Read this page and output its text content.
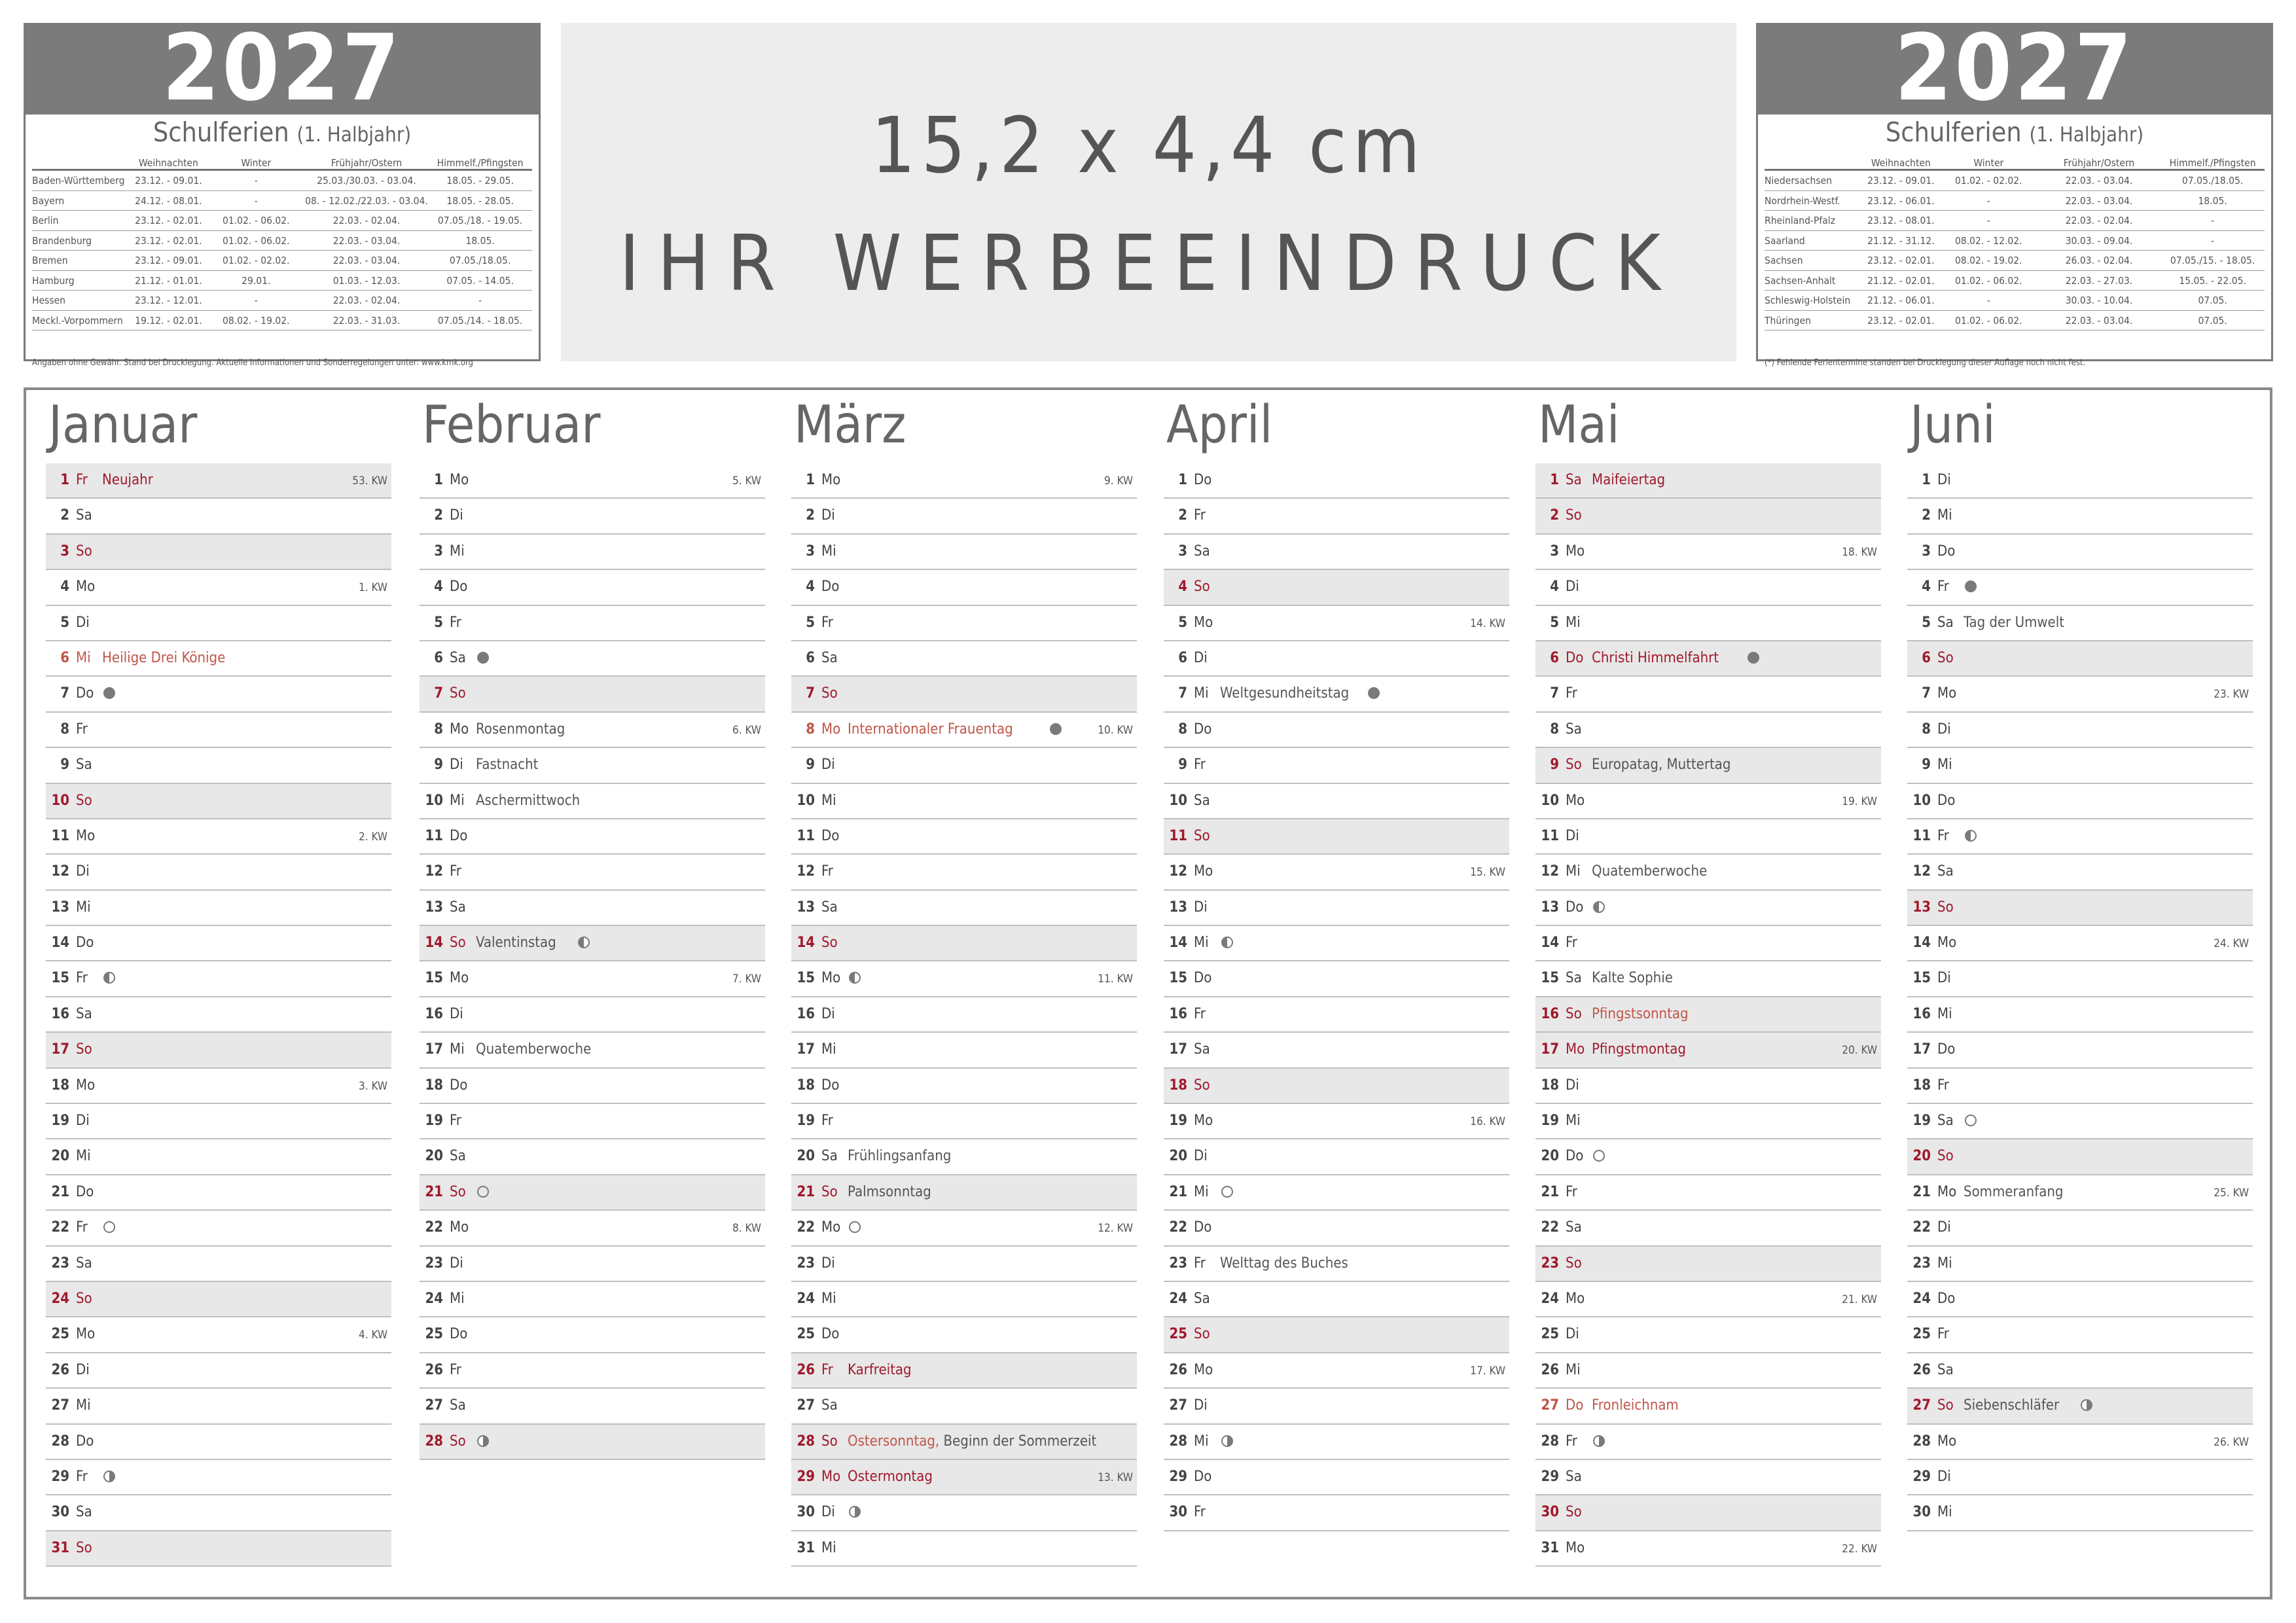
2027
Schulferien (1. Halbjahr)
Weihnachten	Winter	Frühjahr/Ostern	Himmelf./Pfingsten
Baden-Württemberg	23.12. - 09.01.	-	25.03./30.03. - 03.04.	18.05. - 29.05.
Bayern	24.12. - 08.01.	-	08. - 12.02./22.03. - 03.04.	18.05. - 28.05.
Berlin	23.12. - 02.01.	01.02. - 06.02.	22.03. - 02.04.	07.05./18. - 19.05.
Brandenburg	23.12. - 02.01.	01.02. - 06.02.	22.03. - 03.04.	18.05.
Bremen	23.12. - 09.01.	01.02. - 02.02.	22.03. - 03.04.	07.05./18.05.
Hamburg	21.12. - 01.01.	29.01.	01.03. - 12.03.	07.05. - 14.05.
Hessen	23.12. - 12.01.	-	22.03. - 02.04.	-
Meckl.-Vorpommern	19.12. - 02.01.	08.02. - 19.02.	22.03. - 31.03.	07.05./14. - 18.05.
Angaben ohne Gewähr. Stand bei Drucklegung. Aktuelle Informationen und Sonderregelungen unter: www.kmk.org
15,2 x 4,4 cm
IHR WERBEEINDRUCK
2027
Schulferien (1. Halbjahr)
Weihnachten	Winter	Frühjahr/Ostern	Himmelf./Pfingsten
Niedersachsen	23.12. - 09.01.	01.02. - 02.02.	22.03. - 03.04.	07.05./18.05.
Nordrhein-Westf.	23.12. - 06.01.	-	22.03. - 03.04.	18.05.
Rheinland-Pfalz	23.12. - 08.01.	-	22.03. - 02.04.	-
Saarland	21.12. - 31.12.	08.02. - 12.02.	30.03. - 09.04.	-
Sachsen	23.12. - 02.01.	08.02. - 19.02.	26.03. - 02.04.	07.05./15. - 18.05.
Sachsen-Anhalt	21.12. - 02.01.	01.02. - 06.02.	22.03. - 27.03.	15.05. - 22.05.
Schleswig-Holstein	21.12. - 06.01.	-	30.03. - 10.04.	07.05.
Thüringen	23.12. - 02.01.	01.02. - 06.02.	22.03. - 03.04.	07.05.
(*) Fehlende Ferientermine standen bei Drucklegung dieser Auflage noch nicht fest.
Januar
1 Fr Neujahr	53. KW
2 Sa
3 So
4 Mo	1. KW
5 Di
6 Mi Heilige Drei Könige
7 Do
8 Fr
9 Sa
10 So
11 Mo	2. KW
12 Di
13 Mi
14 Do
15 Fr
16 Sa
17 So
18 Mo	3. KW
19 Di
20 Mi
21 Do
22 Fr
23 Sa
24 So
25 Mo	4. KW
26 Di
27 Mi
28 Do
29 Fr
30 Sa
31 So
Februar
1 Mo	5. KW
2 Di
3 Mi
4 Do
5 Fr
6 Sa
7 So
8 Mo Rosenmontag	6. KW
9 Di Fastnacht
10 Mi Aschermittwoch
11 Do
12 Fr
13 Sa
14 So Valentinstag
15 Mo	7. KW
16 Di
17 Mi Quatemberwoche
18 Do
19 Fr
20 Sa
21 So
22 Mo	8. KW
23 Di
24 Mi
25 Do
26 Fr
27 Sa
28 So
März
1 Mo	9. KW
2 Di
3 Mi
4 Do
5 Fr
6 Sa
7 So
8 Mo Internationaler Frauentag	10. KW
9 Di
10 Mi
11 Do
12 Fr
13 Sa
14 So
15 Mo	11. KW
16 Di
17 Mi
18 Do
19 Fr
20 Sa Frühlingsanfang
21 So Palmsonntag
22 Mo	12. KW
23 Di
24 Mi
25 Do
26 Fr Karfreitag
27 Sa
28 So Ostersonntag, Beginn der Sommerzeit
29 Mo Ostermontag	13. KW
30 Di
31 Mi
April
1 Do
2 Fr
3 Sa
4 So
5 Mo	14. KW
6 Di
7 Mi Weltgesundheitstag
8 Do
9 Fr
10 Sa
11 So
12 Mo	15. KW
13 Di
14 Mi
15 Do
16 Fr
17 Sa
18 So
19 Mo	16. KW
20 Di
21 Mi
22 Do
23 Fr Welttag des Buches
24 Sa
25 So
26 Mo	17. KW
27 Di
28 Mi
29 Do
30 Fr
Mai
1 Sa Maifeiertag
2 So
3 Mo	18. KW
4 Di
5 Mi
6 Do Christi Himmelfahrt
7 Fr
8 Sa
9 So Europatag, Muttertag
10 Mo	19. KW
11 Di
12 Mi Quatemberwoche
13 Do
14 Fr
15 Sa Kalte Sophie
16 So Pfingstsonntag
17 Mo Pfingstmontag	20. KW
18 Di
19 Mi
20 Do
21 Fr
22 Sa
23 So
24 Mo	21. KW
25 Di
26 Mi
27 Do Fronleichnam
28 Fr
29 Sa
30 So
31 Mo	22. KW
Juni
1 Di
2 Mi
3 Do
4 Fr
5 Sa Tag der Umwelt
6 So
7 Mo	23. KW
8 Di
9 Mi
10 Do
11 Fr
12 Sa
13 So
14 Mo	24. KW
15 Di
16 Mi
17 Do
18 Fr
19 Sa
20 So
21 Mo Sommeranfang	25. KW
22 Di
23 Mi
24 Do
25 Fr
26 Sa
27 So Siebenschläfer
28 Mo	26. KW
29 Di
30 Mi
